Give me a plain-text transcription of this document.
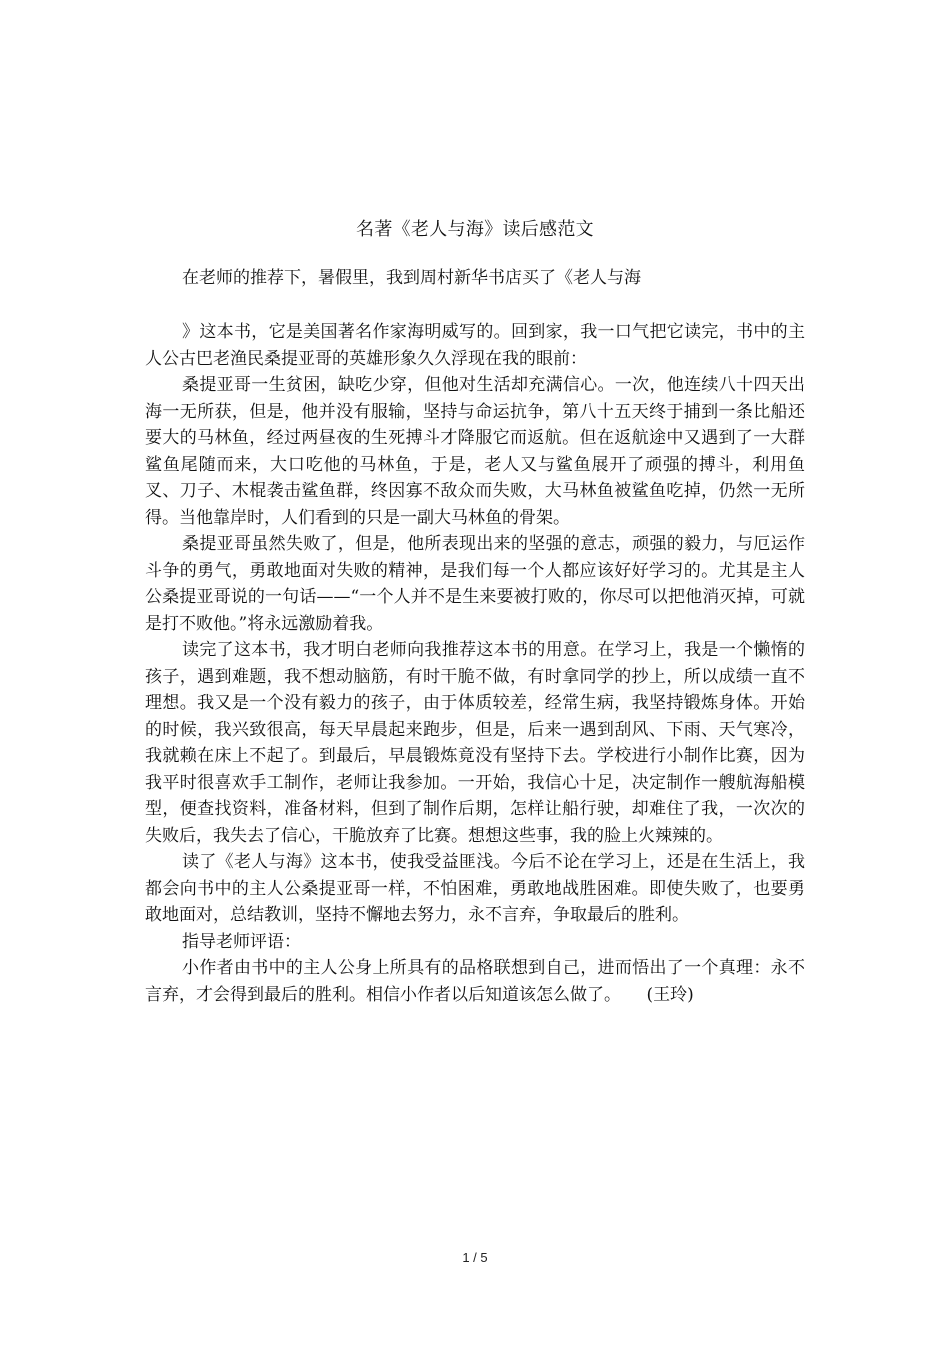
名著《老人与海》读后感范文
在老师的推荐下，暑假里，我到周村新华书店买了《老人与海

》这本书，它是美国著名作家海明威写的。回到家，我一口气把它读完，书中的主人公古巴老渔民桑提亚哥的英雄形象久久浮现在我的眼前：

桑提亚哥一生贫困，缺吃少穿，但他对生活却充满信心。一次，他连续八十四天出海一无所获，但是，他并没有服输，坚持与命运抗争，第八十五天终于捕到一条比船还要大的马林鱼，经过两昼夜的生死搏斗才降服它而返航。但在返航途中又遇到了一大群鲨鱼尾随而来，大口吃他的马林鱼，于是，老人又与鲨鱼展开了顽强的搏斗，利用鱼叉、刀子、木棍袭击鲨鱼群，终因寡不敌众而失败，大马林鱼被鲨鱼吃掉，仍然一无所得。当他靠岸时，人们看到的只是一副大马林鱼的骨架。

桑提亚哥虽然失败了，但是，他所表现出来的坚强的意志，顽强的毅力，与厄运作斗争的勇气，勇敢地面对失败的精神，是我们每一个人都应该好好学习的。尤其是主人公桑提亚哥说的一句话——“一个人并不是生来要被打败的，你尽可以把他消灭掉，可就是打不败他。”将永远激励着我。

读完了这本书，我才明白老师向我推荐这本书的用意。在学习上，我是一个懒惰的孩子，遇到难题，我不想动脑筋，有时干脆不做，有时拿同学的抄上，所以成绩一直不理想。我又是一个没有毅力的孩子，由于体质较差，经常生病，我坚持锻炼身体。开始的时候，我兴致很高，每天早晨起来跑步，但是，后来一遇到刮风、下雨、天气寒冷，我就赖在床上不起了。到最后，早晨锻炼竟没有坚持下去。学校进行小制作比赛，因为我平时很喜欢手工制作，老师让我参加。一开始，我信心十足，决定制作一艘航海船模型，便查找资料，准备材料，但到了制作后期，怎样让船行驶，却难住了我，一次次的失败后，我失去了信心，干脆放弃了比赛。想想这些事，我的脸上火辣辣的。

读了《老人与海》这本书，使我受益匪浅。今后不论在学习上，还是在生活上，我都会向书中的主人公桑提亚哥一样，不怕困难，勇敢地战胜困难。即使失败了，也要勇敢地面对，总结教训，坚持不懈地去努力，永不言弃，争取最后的胜利。

指导老师评语：

小作者由书中的主人公身上所具有的品格联想到自己，进而悟出了一个真理：永不言弃，才会得到最后的胜利。相信小作者以后知道该怎么做了。　　(王玲)

1 / 5
